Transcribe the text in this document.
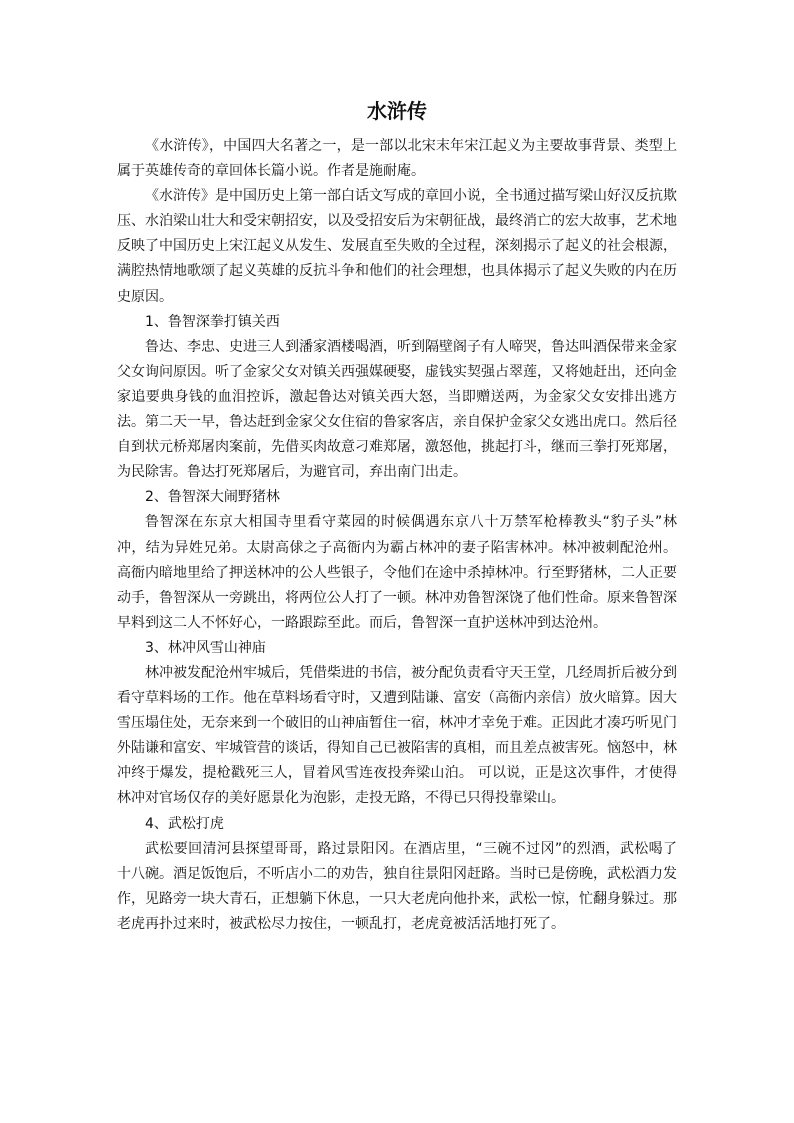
水浒传

《水浒传》，中国四大名著之一，是一部以北宋末年宋江起义为主要故事背景、类型上属于英雄传奇的章回体长篇小说。作者是施耐庵。

《水浒传》是中国历史上第一部白话文写成的章回小说，全书通过描写梁山好汉反抗欺压、水泊梁山壮大和受宋朝招安，以及受招安后为宋朝征战，最终消亡的宏大故事，艺术地反映了中国历史上宋江起义从发生、发展直至失败的全过程，深刻揭示了起义的社会根源，满腔热情地歌颂了起义英雄的反抗斗争和他们的社会理想，也具体揭示了起义失败的内在历史原因。

1、鲁智深拳打镇关西

鲁达、李忠、史进三人到潘家酒楼喝酒，听到隔壁阁子有人啼哭，鲁达叫酒保带来金家父女询问原因。听了金家父女对镇关西强媒硬娶，虚钱实契强占翠莲，又将她赶出，还向金家追要典身钱的血泪控诉，激起鲁达对镇关西大怒，当即赠送两，为金家父女安排出逃方法。第二天一早，鲁达赶到金家父女住宿的鲁家客店，亲自保护金家父女逃出虎口。然后径自到状元桥郑屠肉案前，先借买肉故意刁难郑屠，激怒他，挑起打斗，继而三拳打死郑屠，为民除害。鲁达打死郑屠后，为避官司，弃出南门出走。

2、鲁智深大闹野猪林

鲁智深在东京大相国寺里看守菜园的时候偶遇东京八十万禁军枪棒教头“豹子头”林冲，结为异姓兄弟。太尉高俅之子高衙内为霸占林冲的妻子陷害林冲。林冲被刺配沧州。 高衙内暗地里给了押送林冲的公人些银子，令他们在途中杀掉林冲。行至野猪林，二人正要动手，鲁智深从一旁跳出，将两位公人打了一顿。林冲劝鲁智深饶了他们性命。原来鲁智深早料到这二人不怀好心，一路跟踪至此。而后，鲁智深一直护送林冲到达沧州。

3、林冲风雪山神庙

林冲被发配沧州牢城后，凭借柴进的书信，被分配负责看守天王堂，几经周折后被分到看守草料场的工作。他在草料场看守时，又遭到陆谦、富安（高衙内亲信）放火暗算。因大雪压塌住处，无奈来到一个破旧的山神庙暂住一宿，林冲才幸免于难。正因此才凑巧听见门外陆谦和富安、牢城管营的谈话，得知自己已被陷害的真相，而且差点被害死。恼怒中，林冲终于爆发，提枪戳死三人，冒着风雪连夜投奔梁山泊。 可以说，正是这次事件，才使得林冲对官场仅存的美好愿景化为泡影，走投无路，不得已只得投靠梁山。

4、武松打虎

武松要回清河县探望哥哥，路过景阳冈。在酒店里，“三碗不过冈”的烈酒，武松喝了十八碗。酒足饭饱后，不听店小二的劝告，独自往景阳冈赶路。当时已是傍晚，武松酒力发作，见路旁一块大青石，正想躺下休息，一只大老虎向他扑来，武松一惊，忙翻身躲过。那老虎再扑过来时，被武松尽力按住，一顿乱打，老虎竟被活活地打死了。
